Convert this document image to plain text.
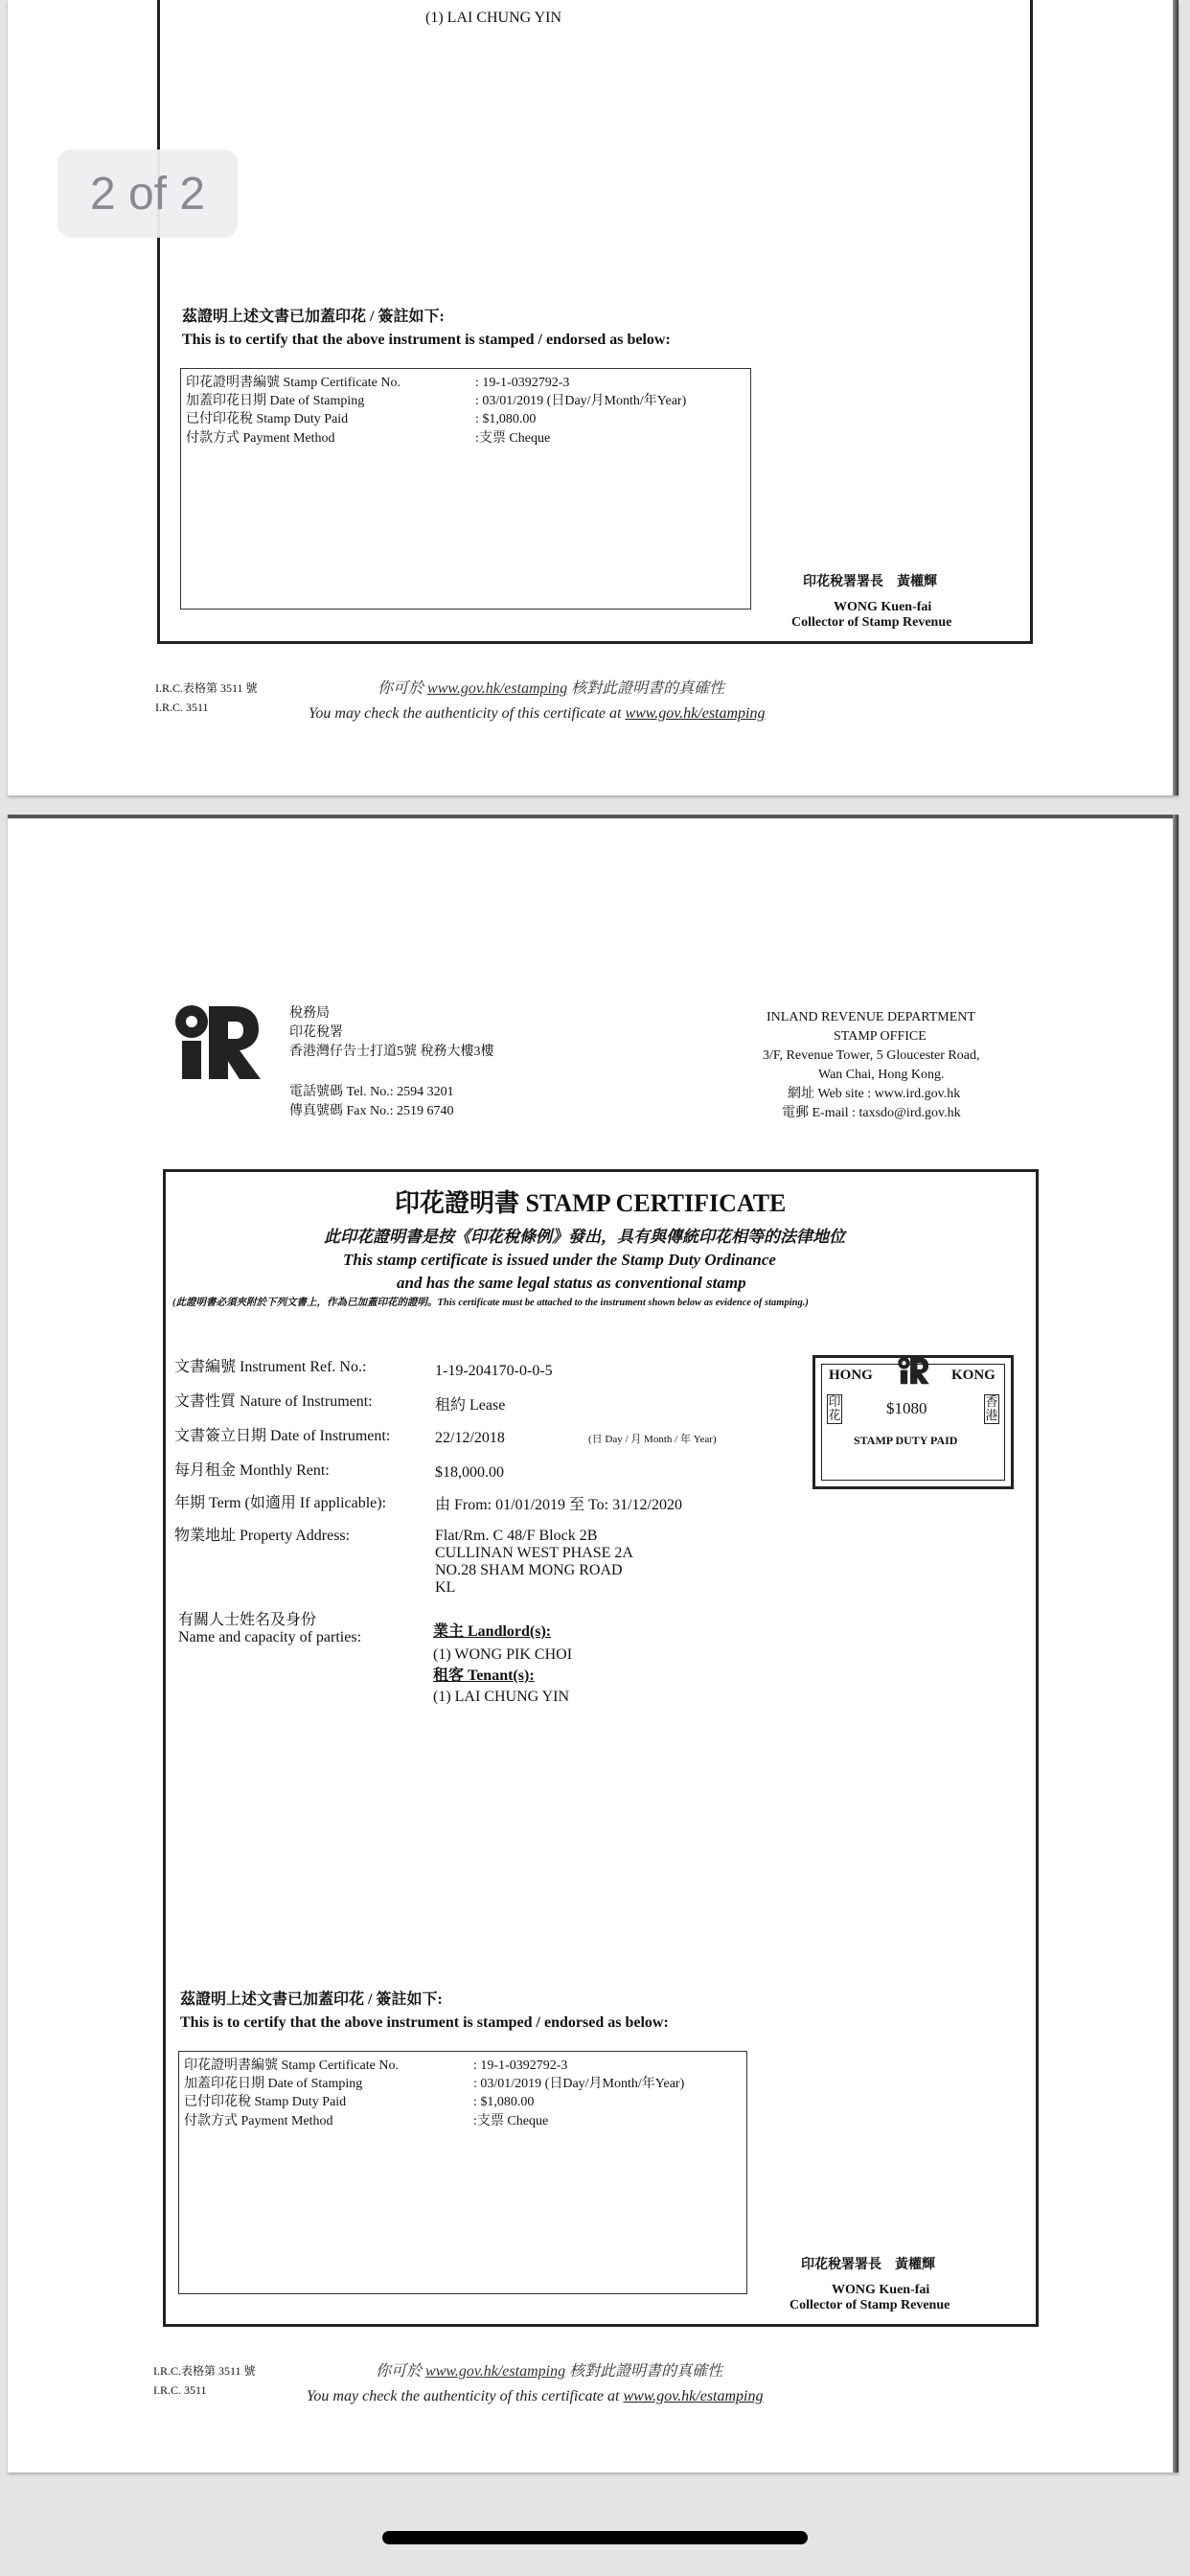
(1) LAI CHUNG YIN
茲證明上述文書已加蓋印花 / 簽註如下:
This is to certify that the above instrument is stamped / endorsed as below:
印花證明書編號 Stamp Certificate No.	: 19-1-0392792-3
加蓋印花日期 Date of Stamping	: 03/01/2019 (日Day/月Month/年Year)
已付印花稅 Stamp Duty Paid	: $1,080.00
付款方式 Payment Method	:支票 Cheque
印花稅署署長　黃權輝
WONG Kuen-fai
Collector of Stamp Revenue
I.R.C.表格第 3511 號
I.R.C. 3511
你可於 www.gov.hk/estamping 核對此證明書的真確性
You may check the authenticity of this certificate at www.gov.hk/estamping
2 of 2
稅務局
印花稅署
香港灣仔告士打道5號 稅務大樓3樓
電話號碼 Tel. No.: 2594 3201
傳真號碼 Fax No.: 2519 6740
INLAND REVENUE DEPARTMENT
STAMP OFFICE
3/F, Revenue Tower, 5 Gloucester Road,
Wan Chai, Hong Kong.
網址 Web site : www.ird.gov.hk
電郵 E-mail : taxsdo@ird.gov.hk
印花證明書 STAMP CERTIFICATE
此印花證明書是按《印花稅條例》發出，具有與傳統印花相等的法律地位
This stamp certificate is issued under the Stamp Duty Ordinance
and has the same legal status as conventional stamp
(此證明書必須夾附於下列文書上，作為已加蓋印花的證明。This certificate must be attached to the instrument shown below as evidence of stamping.)
文書編號 Instrument Ref. No.:	1-19-204170-0-0-5
文書性質 Nature of Instrument:	租約 Lease
文書簽立日期 Date of Instrument:	22/12/2018	(日 Day / 月 Month / 年 Year)
每月租金 Monthly Rent:	$18,000.00
年期 Term (如適用 If applicable):	由 From: 01/01/2019 至 To: 31/12/2020
物業地址 Property Address:	Flat/Rm. C 48/F Block 2B
CULLINAN WEST PHASE 2A
NO.28 SHAM MONG ROAD
KL
有關人士姓名及身份
Name and capacity of parties:	業主 Landlord(s):
(1) WONG PIK CHOI
租客 Tenant(s):
(1) LAI CHUNG YIN
HONG	KONG
印花	$1080	香港
STAMP DUTY PAID
茲證明上述文書已加蓋印花 / 簽註如下:
This is to certify that the above instrument is stamped / endorsed as below:
印花證明書編號 Stamp Certificate No.	: 19-1-0392792-3
加蓋印花日期 Date of Stamping	: 03/01/2019 (日Day/月Month/年Year)
已付印花稅 Stamp Duty Paid	: $1,080.00
付款方式 Payment Method	:支票 Cheque
印花稅署署長　黃權輝
WONG Kuen-fai
Collector of Stamp Revenue
I.R.C.表格第 3511 號
I.R.C. 3511
你可於 www.gov.hk/estamping 核對此證明書的真確性
You may check the authenticity of this certificate at www.gov.hk/estamping
